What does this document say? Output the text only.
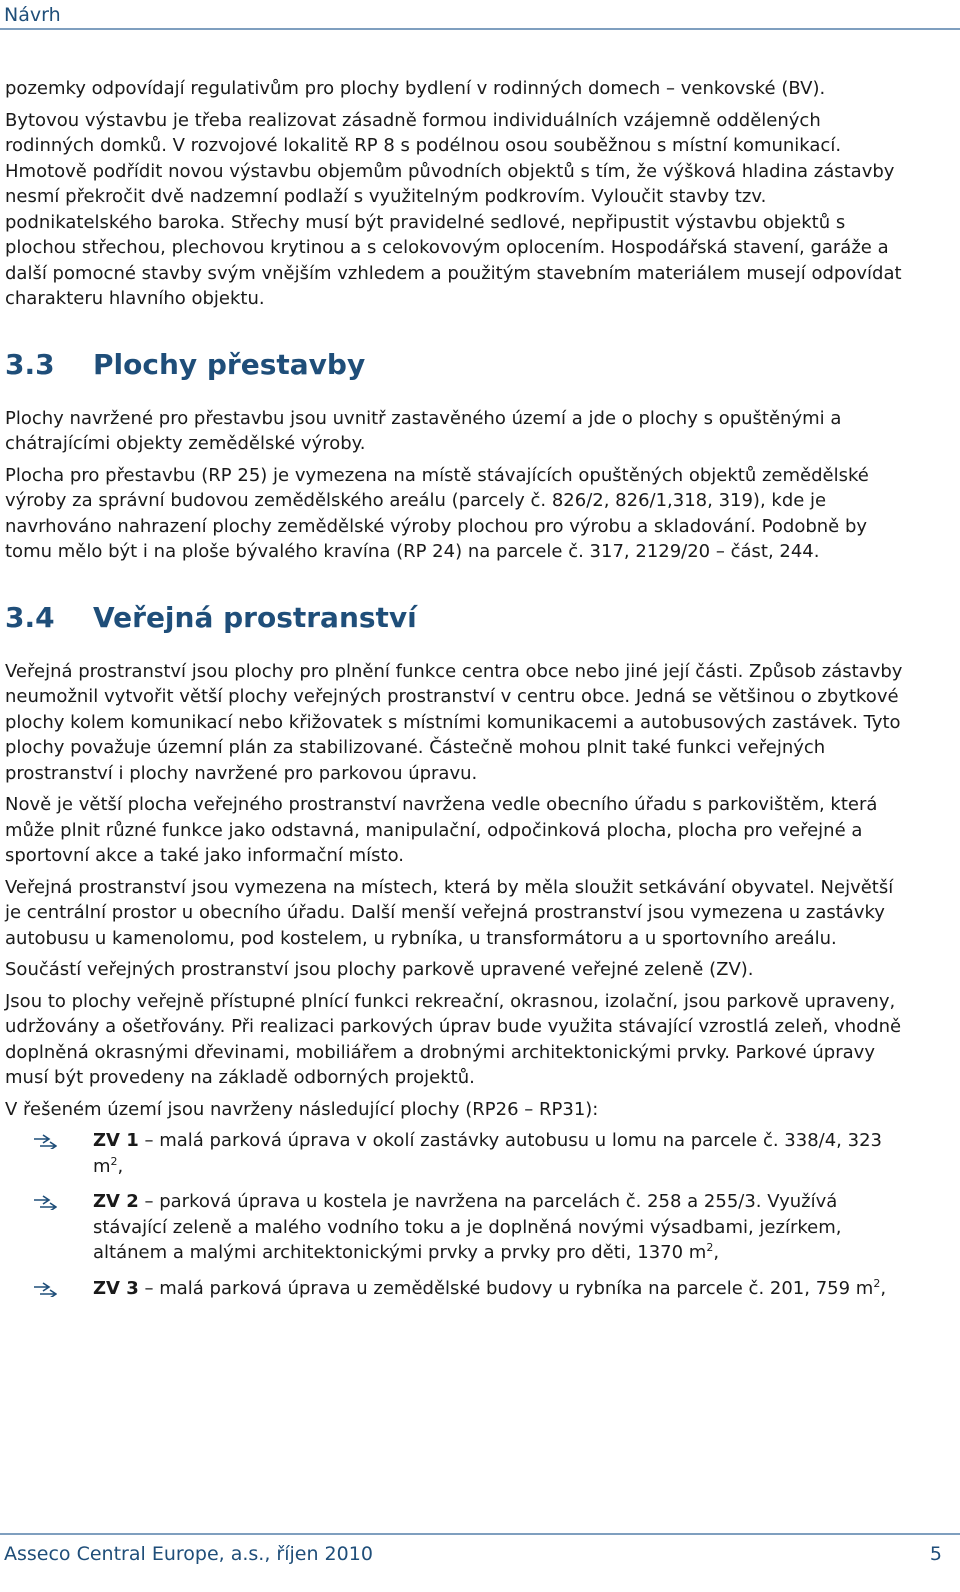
Návrh

pozemky odpovídají regulativům pro plochy bydlení v rodinných domech – venkovské (BV).

Bytovou výstavbu je třeba realizovat zásadně formou individuálních vzájemně oddělených rodinných domků. V rozvojové lokalitě RP 8 s podélnou osou souběžnou s místní komunikací. Hmotově podřídit novou výstavbu objemům původních objektů s tím, že výšková hladina zástavby nesmí překročit dvě nadzemní podlaží s využitelným podkrovím. Vyloučit stavby tzv. podnikatelského baroka. Střechy musí být pravidelné sedlové, nepřipustit výstavbu objektů s plochou střechou, plechovou krytinou a s celokovovým oplocením. Hospodářská stavení, garáže a další pomocné stavby svým vnějším vzhledem a použitým stavebním materiálem musejí odpovídat charakteru hlavního objektu.

3.3 Plochy přestavby

Plochy navržené pro přestavbu jsou uvnitř zastavěného území a jde o plochy s opuštěnými a chátrajícími objekty zemědělské výroby.

Plocha pro přestavbu (RP 25) je vymezena na místě stávajících opuštěných objektů zemědělské výroby za správní budovou zemědělského areálu (parcely č. 826/2, 826/1,318, 319), kde je navrhováno nahrazení plochy zemědělské výroby plochou pro výrobu a skladování. Podobně by tomu mělo být i na ploše bývalého kravína (RP 24) na parcele č. 317, 2129/20 – část, 244.

3.4 Veřejná prostranství

Veřejná prostranství jsou plochy pro plnění funkce centra obce nebo jiné její části. Způsob zástavby neumožnil vytvořit větší plochy veřejných prostranství v centru obce. Jedná se většinou o zbytkové plochy kolem komunikací nebo křižovatek s místními komunikacemi a autobusových zastávek. Tyto plochy považuje územní plán za stabilizované. Částečně mohou plnit také funkci veřejných prostranství i plochy navržené pro parkovou úpravu.

Nově je větší plocha veřejného prostranství navržena vedle obecního úřadu s parkovištěm, která může plnit různé funkce jako odstavná, manipulační, odpočinková plocha, plocha pro veřejné a sportovní akce a také jako informační místo.

Veřejná prostranství jsou vymezena na místech, která by měla sloužit setkávání obyvatel. Největší je centrální prostor u obecního úřadu. Další menší veřejná prostranství jsou vymezena u zastávky autobusu u kamenolomu, pod kostelem, u rybníka, u transformátoru a u sportovního areálu.

Součástí veřejných prostranství jsou plochy parkově upravené veřejné zeleně (ZV).

Jsou to plochy veřejně přístupné plnící funkci rekreační, okrasnou, izolační, jsou parkově upraveny, udržovány a ošetřovány. Při realizaci parkových úprav bude využita stávající vzrostlá zeleň, vhodně doplněná okrasnými dřevinami, mobiliářem a drobnými architektonickými prvky. Parkové úpravy musí být provedeny na základě odborných projektů.

V řešeném území jsou navrženy následující plochy (RP26 – RP31):

ZV 1 – malá parková úprava v okolí zastávky autobusu u lomu na parcele č. 338/4, 323 $m^2$,
ZV 2 – parková úprava u kostela je navržena na parcelách č. 258 a 255/3. Využívá stávající zeleně a malého vodního toku a je doplněná novými výsadbami, jezírkem, altánem a malými architektonickými prvky a prvky pro děti, 1370 $m^2$,
ZV 3 – malá parková úprava u zemědělské budovy u rybníka na parcele č. 201, 759 $m^2$,
Asseco Central Europe, a.s., říjen 2010	5
